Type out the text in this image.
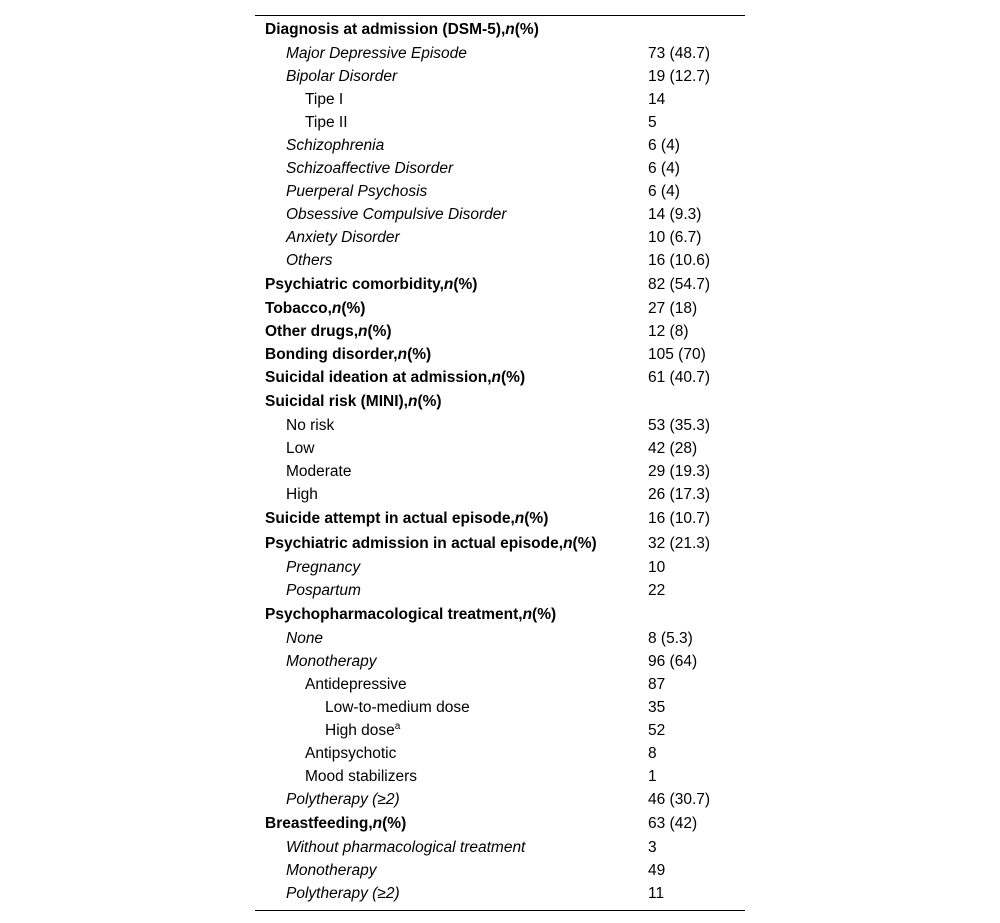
Diagnosis at admission (DSM-5),n(%)
Major Depressive Episode	73 (48.7)
Bipolar Disorder	19 (12.7)
Tipe I	14
Tipe II	5
Schizophrenia	6 (4)
Schizoaffective Disorder	6 (4)
Puerperal Psychosis	6 (4)
Obsessive Compulsive Disorder	14 (9.3)
Anxiety Disorder	10 (6.7)
Others	16 (10.6)
Psychiatric comorbidity,n(%)	82 (54.7)
Tobacco,n(%)	27 (18)
Other drugs,n(%)	12 (8)
Bonding disorder,n(%)	105 (70)
Suicidal ideation at admission,n(%)	61 (40.7)
Suicidal risk (MINI),n(%)
No risk	53 (35.3)
Low	42 (28)
Moderate	29 (19.3)
High	26 (17.3)
Suicide attempt in actual episode,n(%)	16 (10.7)
Psychiatric admission in actual episode,n(%)	32 (21.3)
Pregnancy	10
Pospartum	22
Psychopharmacological treatment,n(%)
None	8 (5.3)
Monotherapy	96 (64)
Antidepressive	87
Low-to-medium dose	35
High dose$^a$	52
Antipsychotic	8
Mood stabilizers	1
Polytherapy (≥2)	46 (30.7)
Breastfeeding,n(%)	63 (42)
Without pharmacological treatment	3
Monotherapy	49
Polytherapy (≥2)	11
